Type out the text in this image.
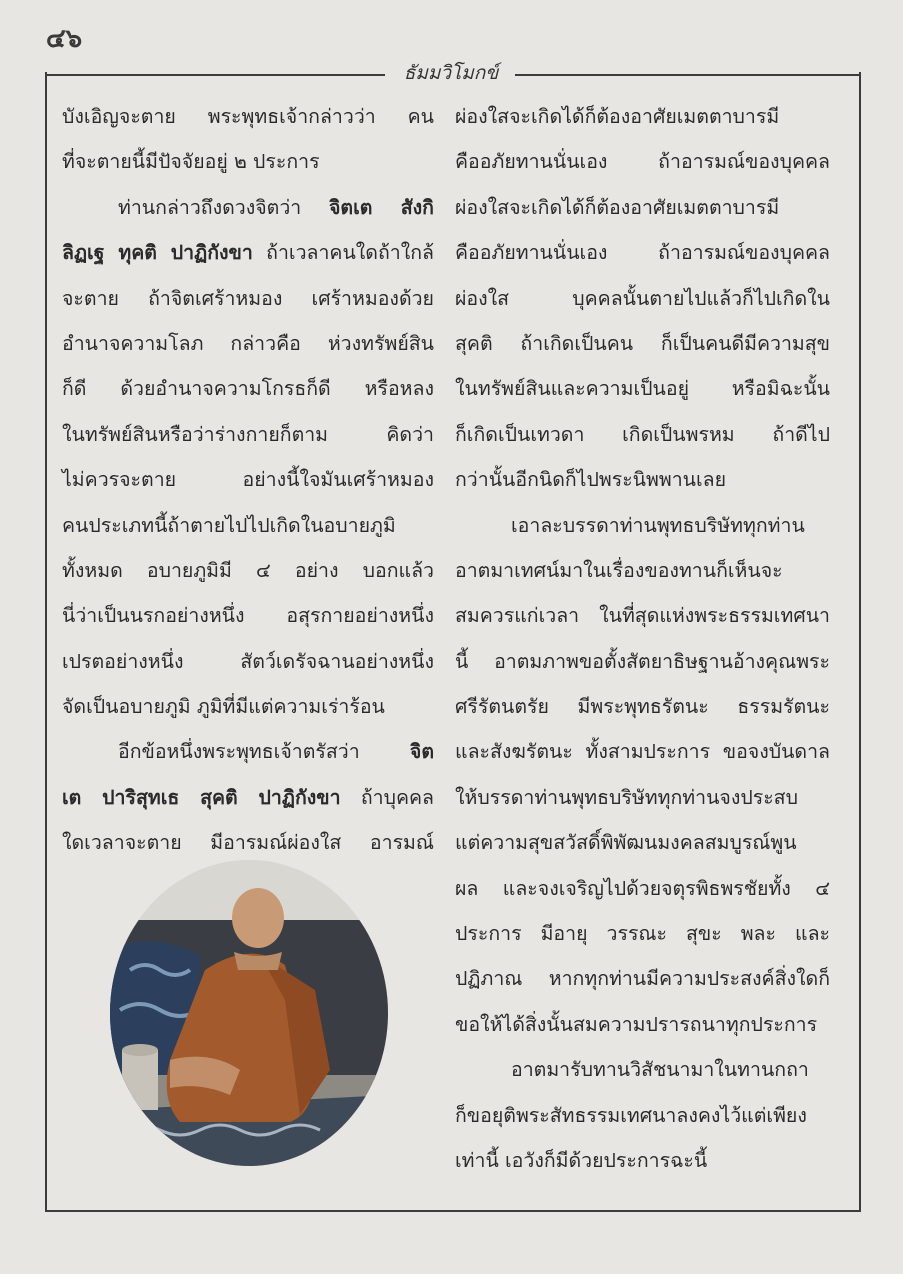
๔๖
ธัมมวิโมกข์
บังเอิญจะตาย พระพุทธเจ้ากล่าวว่า คน
ที่จะตายนี้มีปัจจัยอยู่ ๒ ประการ
ท่านกล่าวถึงดวงจิตว่า จิตเต สังกิ
ลิฏเฐ ทุคติ ปาฏิกังขา ถ้าเวลาคนใดถ้าใกล้
จะตาย ถ้าจิตเศร้าหมอง เศร้าหมองด้วย
อำนาจความโลภ กล่าวคือ ห่วงทรัพย์สิน
ก็ดี ด้วยอำนาจความโกรธก็ดี หรือหลง
ในทรัพย์สินหรือว่าร่างกายก็ตาม คิดว่า
ไม่ควรจะตาย อย่างนี้ใจมันเศร้าหมอง
คนประเภทนี้ถ้าตายไปไปเกิดในอบายภูมิ
ทั้งหมด อบายภูมิมี ๔ อย่าง บอกแล้ว
นี่ว่าเป็นนรกอย่างหนึ่ง อสุรกายอย่างหนึ่ง
เปรตอย่างหนึ่ง สัตว์เดรัจฉานอย่างหนึ่ง
จัดเป็นอบายภูมิ ภูมิที่มีแต่ความเร่าร้อน
อีกข้อหนึ่งพระพุทธเจ้าตรัสว่า จิต
เต ปาริสุทเธ สุคติ ปาฏิกังขา ถ้าบุคคล
ใดเวลาจะตาย มีอารมณ์ผ่องใส อารมณ์
ผ่องใสจะเกิดได้ก็ต้องอาศัยเมตตาบารมี
คืออภัยทานนั่นเอง ถ้าอารมณ์ของบุคคล
ผ่องใสจะเกิดได้ก็ต้องอาศัยเมตตาบารมี
คืออภัยทานนั่นเอง ถ้าอารมณ์ของบุคคล
ผ่องใส บุคคลนั้นตายไปแล้วก็ไปเกิดใน
สุคติ ถ้าเกิดเป็นคน ก็เป็นคนดีมีความสุข
ในทรัพย์สินและความเป็นอยู่ หรือมิฉะนั้น
ก็เกิดเป็นเทวดา เกิดเป็นพรหม ถ้าดีไป
กว่านั้นอีกนิดก็ไปพระนิพพานเลย
เอาละบรรดาท่านพุทธบริษัททุกท่าน
อาตมาเทศน์มาในเรื่องของทานก็เห็นจะ
สมควรแก่เวลา ในที่สุดแห่งพระธรรมเทศนา
นี้ อาตมภาพขอตั้งสัตยาธิษฐานอ้างคุณพระ
ศรีรัตนตรัย มีพระพุทธรัตนะ ธรรมรัตนะ
และสังฆรัตนะ ทั้งสามประการ ขอจงบันดาล
ให้บรรดาท่านพุทธบริษัททุกท่านจงประสบ
แต่ความสุขสวัสดิ์พิพัฒนมงคลสมบูรณ์พูน
ผล และจงเจริญไปด้วยจตุรพิธพรชัยทั้ง ๔
ประการ มีอายุ วรรณะ สุขะ พละ และ
ปฏิภาณ หากทุกท่านมีความประสงค์สิ่งใดก็
ขอให้ได้สิ่งนั้นสมความปรารถนาทุกประการ
อาตมารับทานวิสัชนามาในทานกถา
ก็ขอยุติพระสัทธรรมเทศนาลงคงไว้แต่เพียง
เท่านี้ เอวังก็มีด้วยประการฉะนี้
